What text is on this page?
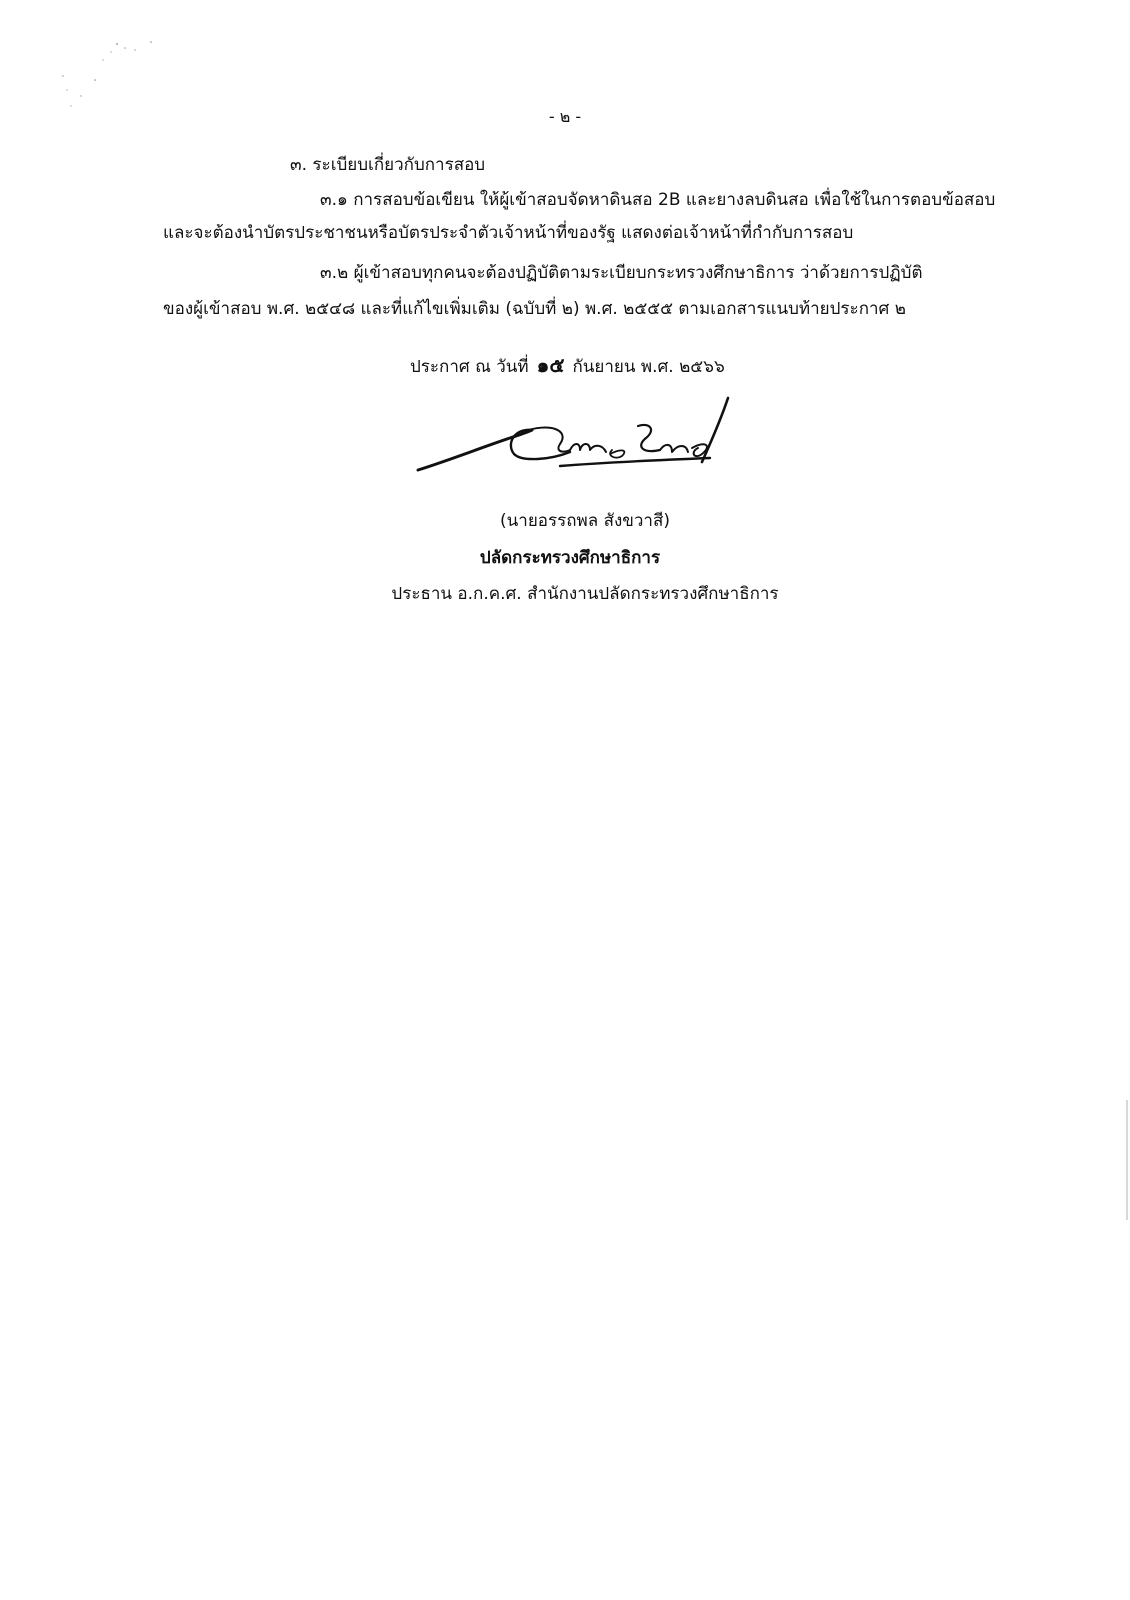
- ๒ -
๓. ระเบียบเกี่ยวกับการสอบ
๓.๑ การสอบข้อเขียน ให้ผู้เข้าสอบจัดหาดินสอ 2B และยางลบดินสอ เพื่อใช้ในการตอบข้อสอบ
และจะต้องนำบัตรประชาชนหรือบัตรประจำตัวเจ้าหน้าที่ของรัฐ แสดงต่อเจ้าหน้าที่กำกับการสอบ
๓.๒ ผู้เข้าสอบทุกคนจะต้องปฏิบัติตามระเบียบกระทรวงศึกษาธิการ ว่าด้วยการปฏิบัติ
ของผู้เข้าสอบ พ.ศ. ๒๕๔๘ และที่แก้ไขเพิ่มเติม (ฉบับที่ ๒) พ.ศ. ๒๕๕๕ ตามเอกสารแนบท้ายประกาศ ๒
ประกาศ ณ วันที่ ๑๕ กันยายน พ.ศ. ๒๕๖๖
(นายอรรถพล สังขวาสี)
ปลัดกระทรวงศึกษาธิการ
ประธาน อ.ก.ค.ศ. สำนักงานปลัดกระทรวงศึกษาธิการ
